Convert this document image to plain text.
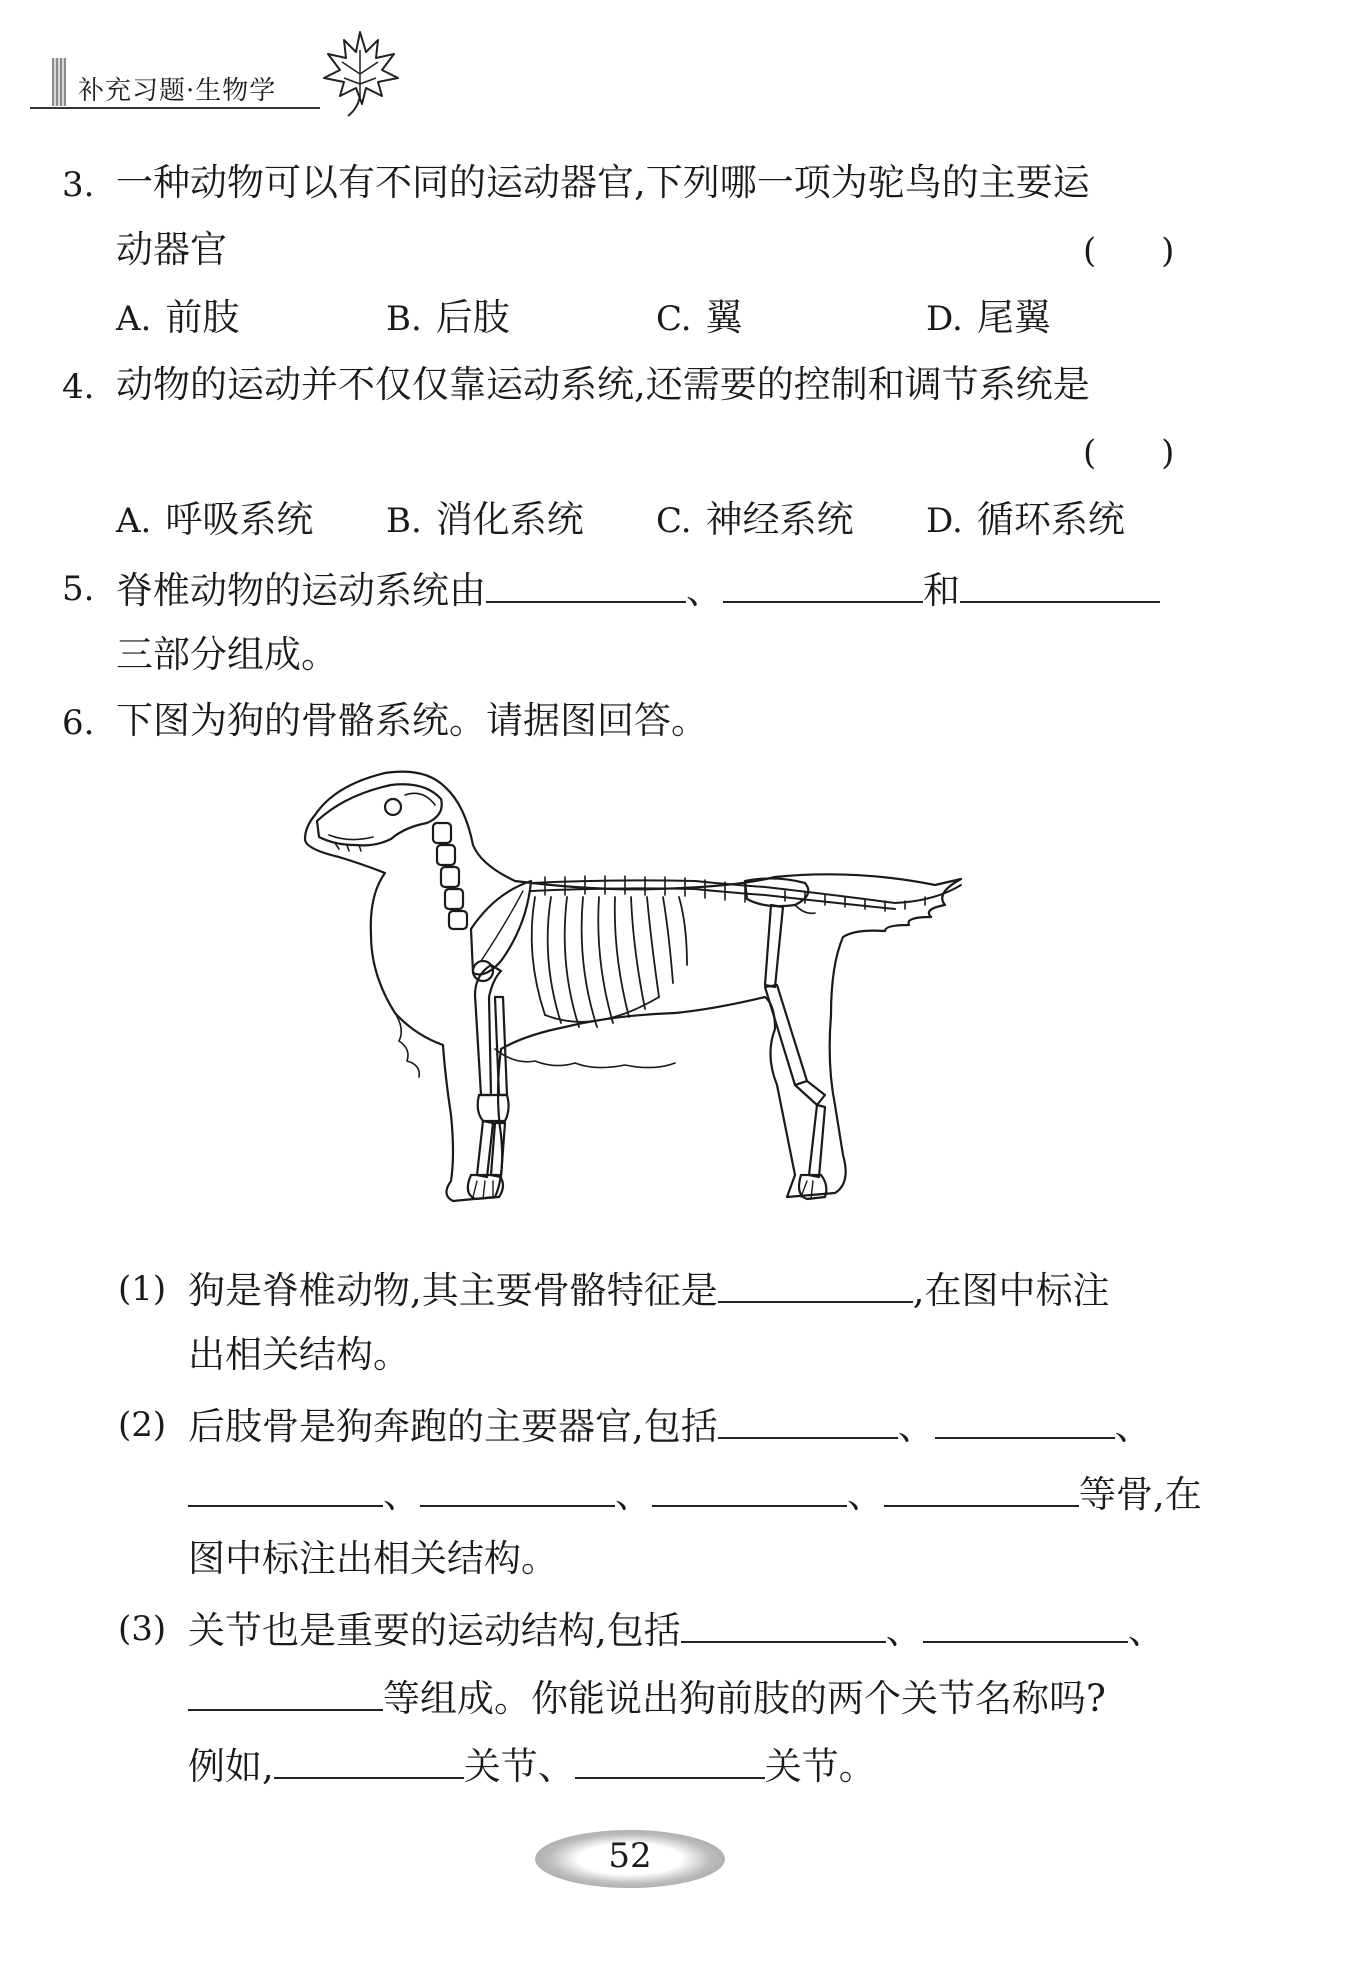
补充习题·生物学
3. 一种动物可以有不同的运动器官,下列哪一项为驼鸟的主要运
动器官	(      )
A. 前肢	B. 后肢	C. 翼	D. 尾翼
4. 动物的运动并不仅仅靠运动系统,还需要的控制和调节系统是
(      )
A. 呼吸系统 B. 消化系统 C. 神经系统 D. 循环系统
5. 脊椎动物的运动系统由	、	和
三部分组成。
6. 下图为狗的骨骼系统。请据图回答。
(1) 狗是脊椎动物,其主要骨骼特征是	,在图中标注
出相关结构。
(2) 后肢骨是狗奔跑的主要器官,包括	、	、
、	、	、	等骨,在
图中标注出相关结构。
(3) 关节也是重要的运动结构,包括	、	、
等组成。你能说出狗前肢的两个关节名称吗?
例如,	关节、	关节。
52
